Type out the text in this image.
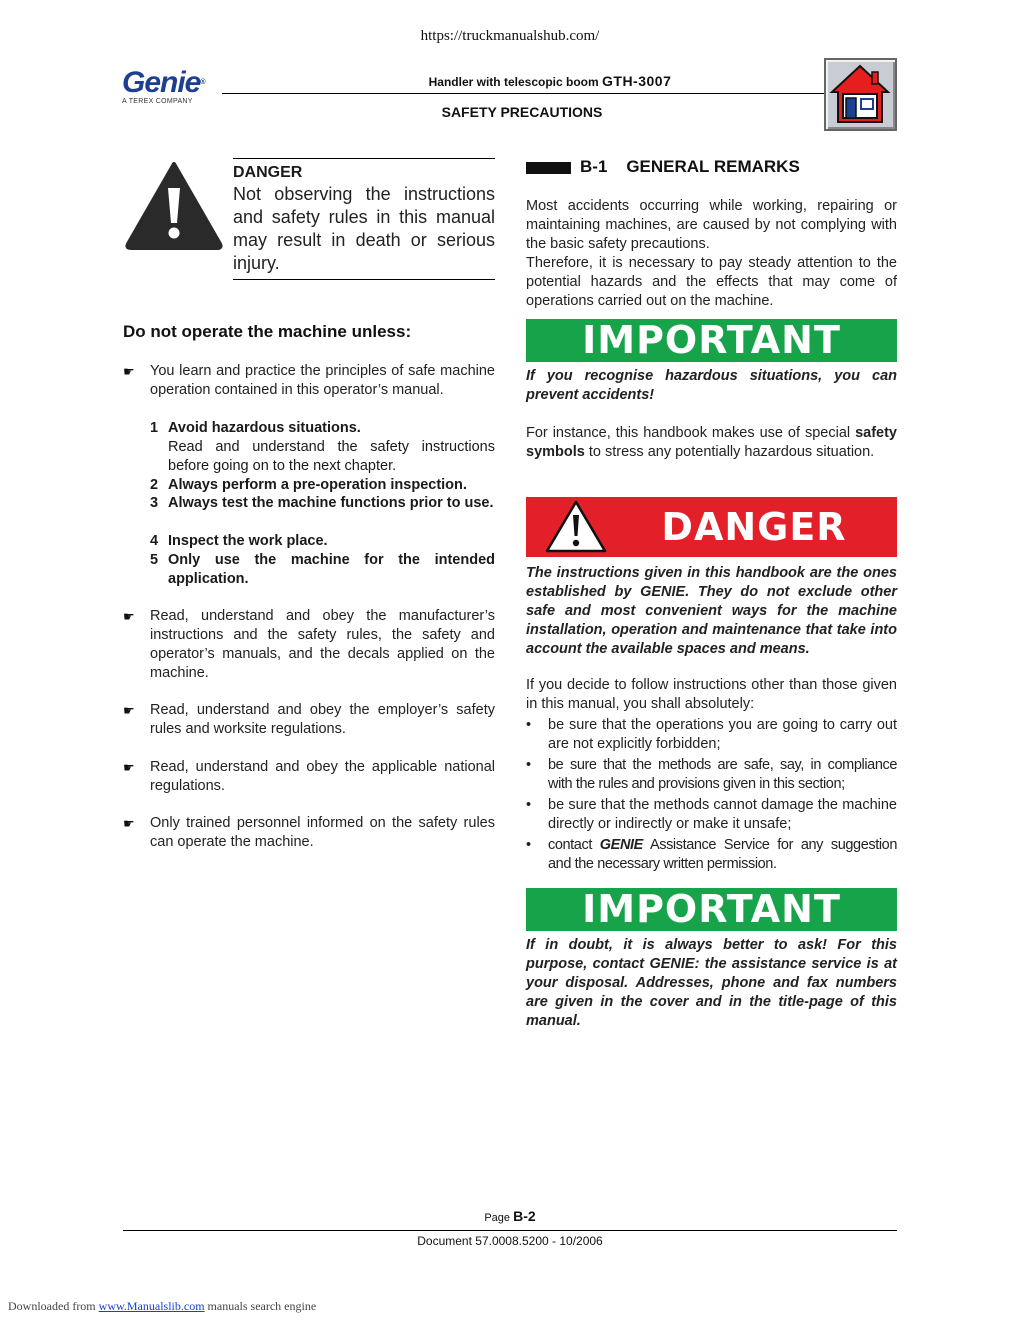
https://truckmanualshub.com/
Genie®
A TEREX COMPANY
Handler with telescopic boom GTH-3007
SAFETY PRECAUTIONS
DANGER
Not observing the instructions and safety rules in this manual may result in death or serious injury.
Do not operate the machine unless:
☛	You learn and practice the principles of safe machine operation contained in this operator’s manual.
1 Avoid hazardous situations.
Read and understand the safety instructions before going on to the next chapter.
2 Always perform a pre-operation inspection.
3 Always test the machine functions prior to use.
4 Inspect the work place.
5 Only use the machine for the intended application.
☛	Read, understand and obey the manufacturer’s instructions and the safety rules, the safety and operator’s manuals, and the decals applied on the machine.
☛	Read, understand and obey the employer’s safety rules and worksite regulations.
☛	Read, understand and obey the applicable national regulations.
☛	Only trained personnel informed on the safety rules can operate the machine.
B-1 GENERAL REMARKS
Most accidents occurring while working, repairing or maintaining machines, are caused by not complying with the basic safety precautions.
Therefore, it is necessary to pay steady attention to the potential hazards and the effects that may come of operations carried out on the machine.
IMPORTANT
If you recognise hazardous situations, you can prevent accidents!
For instance, this handbook makes use of special safety symbols to stress any potentially hazardous situation.
DANGER
The instructions given in this handbook are the ones established by GENIE. They do not exclude other safe and most convenient ways for the machine installation, operation and maintenance that take into account the available spaces and means.
If you decide to follow instructions other than those given in this manual, you shall absolutely:
• be sure that the operations you are going to carry out are not explicitly forbidden;
• be sure that the methods are safe, say, in compliance with the rules and provisions given in this section;
• be sure that the methods cannot damage the machine directly or indirectly or make it unsafe;
• contact GENIE Assistance Service for any suggestion and the necessary written permission.
IMPORTANT
If in doubt, it is always better to ask! For this purpose, contact GENIE: the assistance service is at your disposal. Addresses, phone and fax numbers are given in the cover and in the title-page of this manual.
Page B-2
Document 57.0008.5200 - 10/2006
Downloaded from www.Manualslib.com manuals search engine
